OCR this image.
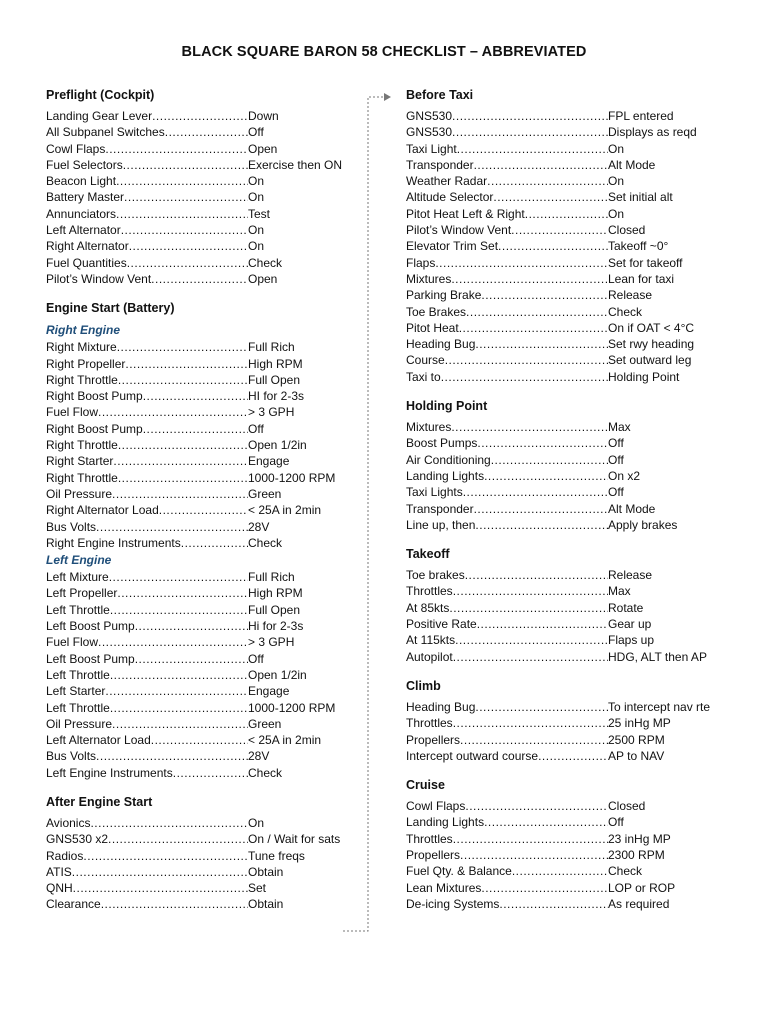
BLACK SQUARE BARON 58 CHECKLIST – ABBREVIATED
Preflight (Cockpit)
Landing Gear Lever .....	Down
All Subpanel Switches .....	Off
Cowl Flaps .....	Open
Fuel Selectors .....	Exercise then ON
Beacon Light .....	On
Battery Master .....	On
Annunciators .....	Test
Left Alternator .....	On
Right Alternator .....	On
Fuel Quantities .....	Check
Pilot’s Window Vent .....	Open
Engine Start (Battery)
Right Engine
Right Mixture .....	Full Rich
Right Propeller .....	High RPM
Right Throttle .....	Full Open
Right Boost Pump .....	HI for 2-3s
Fuel Flow .....	> 3 GPH
Right Boost Pump .....	Off
Right Throttle .....	Open 1/2in
Right Starter .....	Engage
Right Throttle .....	1000-1200 RPM
Oil Pressure .....	Green
Right Alternator Load .....	< 25A in 2min
Bus Volts .....	28V
Right Engine Instruments .....	Check
Left Engine
Left Mixture .....	Full Rich
Left Propeller .....	High RPM
Left Throttle .....	Full Open
Left Boost Pump .....	Hi for 2-3s
Fuel Flow .....	> 3 GPH
Left Boost Pump .....	Off
Left Throttle .....	Open 1/2in
Left Starter .....	Engage
Left Throttle .....	1000-1200 RPM
Oil Pressure .....	Green
Left Alternator Load .....	< 25A in 2min
Bus Volts .....	28V
Left Engine Instruments .....	Check
After Engine Start
Avionics .....	On
GNS530 x2 .....	On / Wait for sats
Radios .....	Tune freqs
ATIS .....	Obtain
QNH .....	Set
Clearance .....	Obtain
Before Taxi
GNS530 .....	FPL entered
GNS530 .....	Displays as reqd
Taxi Light .....	On
Transponder .....	Alt Mode
Weather Radar .....	On
Altitude Selector .....	Set initial alt
Pitot Heat Left & Right .....	On
Pilot’s Window Vent .....	Closed
Elevator Trim Set .....	Takeoff ~0°
Flaps .....	Set for takeoff
Mixtures .....	Lean for taxi
Parking Brake .....	Release
Toe Brakes .....	Check
Pitot Heat .....	On if OAT < 4°C
Heading Bug .....	Set rwy heading
Course .....	Set outward leg
Taxi to .....	Holding Point
Holding Point
Mixtures .....	Max
Boost Pumps .....	Off
Air Conditioning .....	Off
Landing Lights .....	On x2
Taxi Lights .....	Off
Transponder .....	Alt Mode
Line up, then .....	Apply brakes
Takeoff
Toe brakes .....	Release
Throttles .....	Max
At 85kts .....	Rotate
Positive Rate .....	Gear up
At 115kts .....	Flaps up
Autopilot .....	HDG, ALT then AP
Climb
Heading Bug .....	To intercept nav rte
Throttles .....	25 inHg MP
Propellers .....	2500 RPM
Intercept outward course .....	AP to NAV
Cruise
Cowl Flaps .....	Closed
Landing Lights .....	Off
Throttles .....	23 inHg MP
Propellers .....	2300 RPM
Fuel Qty. & Balance .....	Check
Lean Mixtures .....	LOP or ROP
De-icing Systems .....	As required
